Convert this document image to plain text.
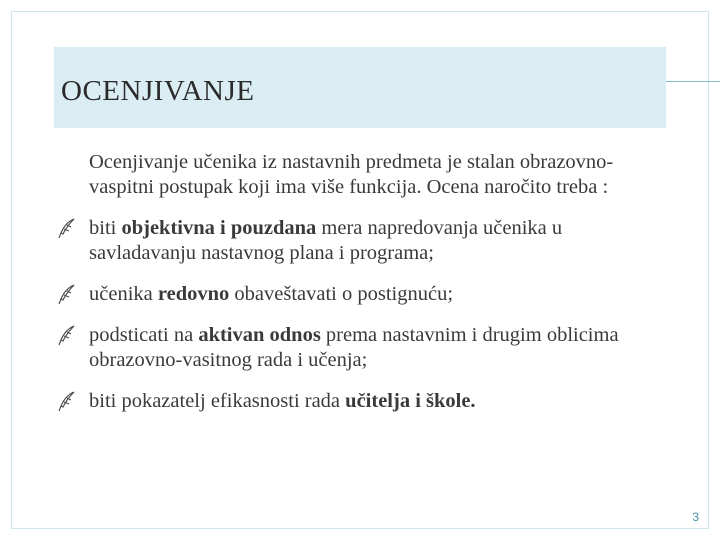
OCENJIVANJE
Ocenjivanje učenika iz nastavnih predmeta je stalan obrazovno-vaspitni postupak koji ima više funkcija. Ocena naročito treba :
biti objektivna i pouzdana mera napredovanja učenika u savladavanju nastavnog plana i programa;
učenika redovno obaveštavati o postignuću;
podsticati na aktivan odnos prema nastavnim i drugim oblicima obrazovno-vasitnog rada i učenja;
biti pokazatelj efikasnosti rada učitelja i škole.
3
